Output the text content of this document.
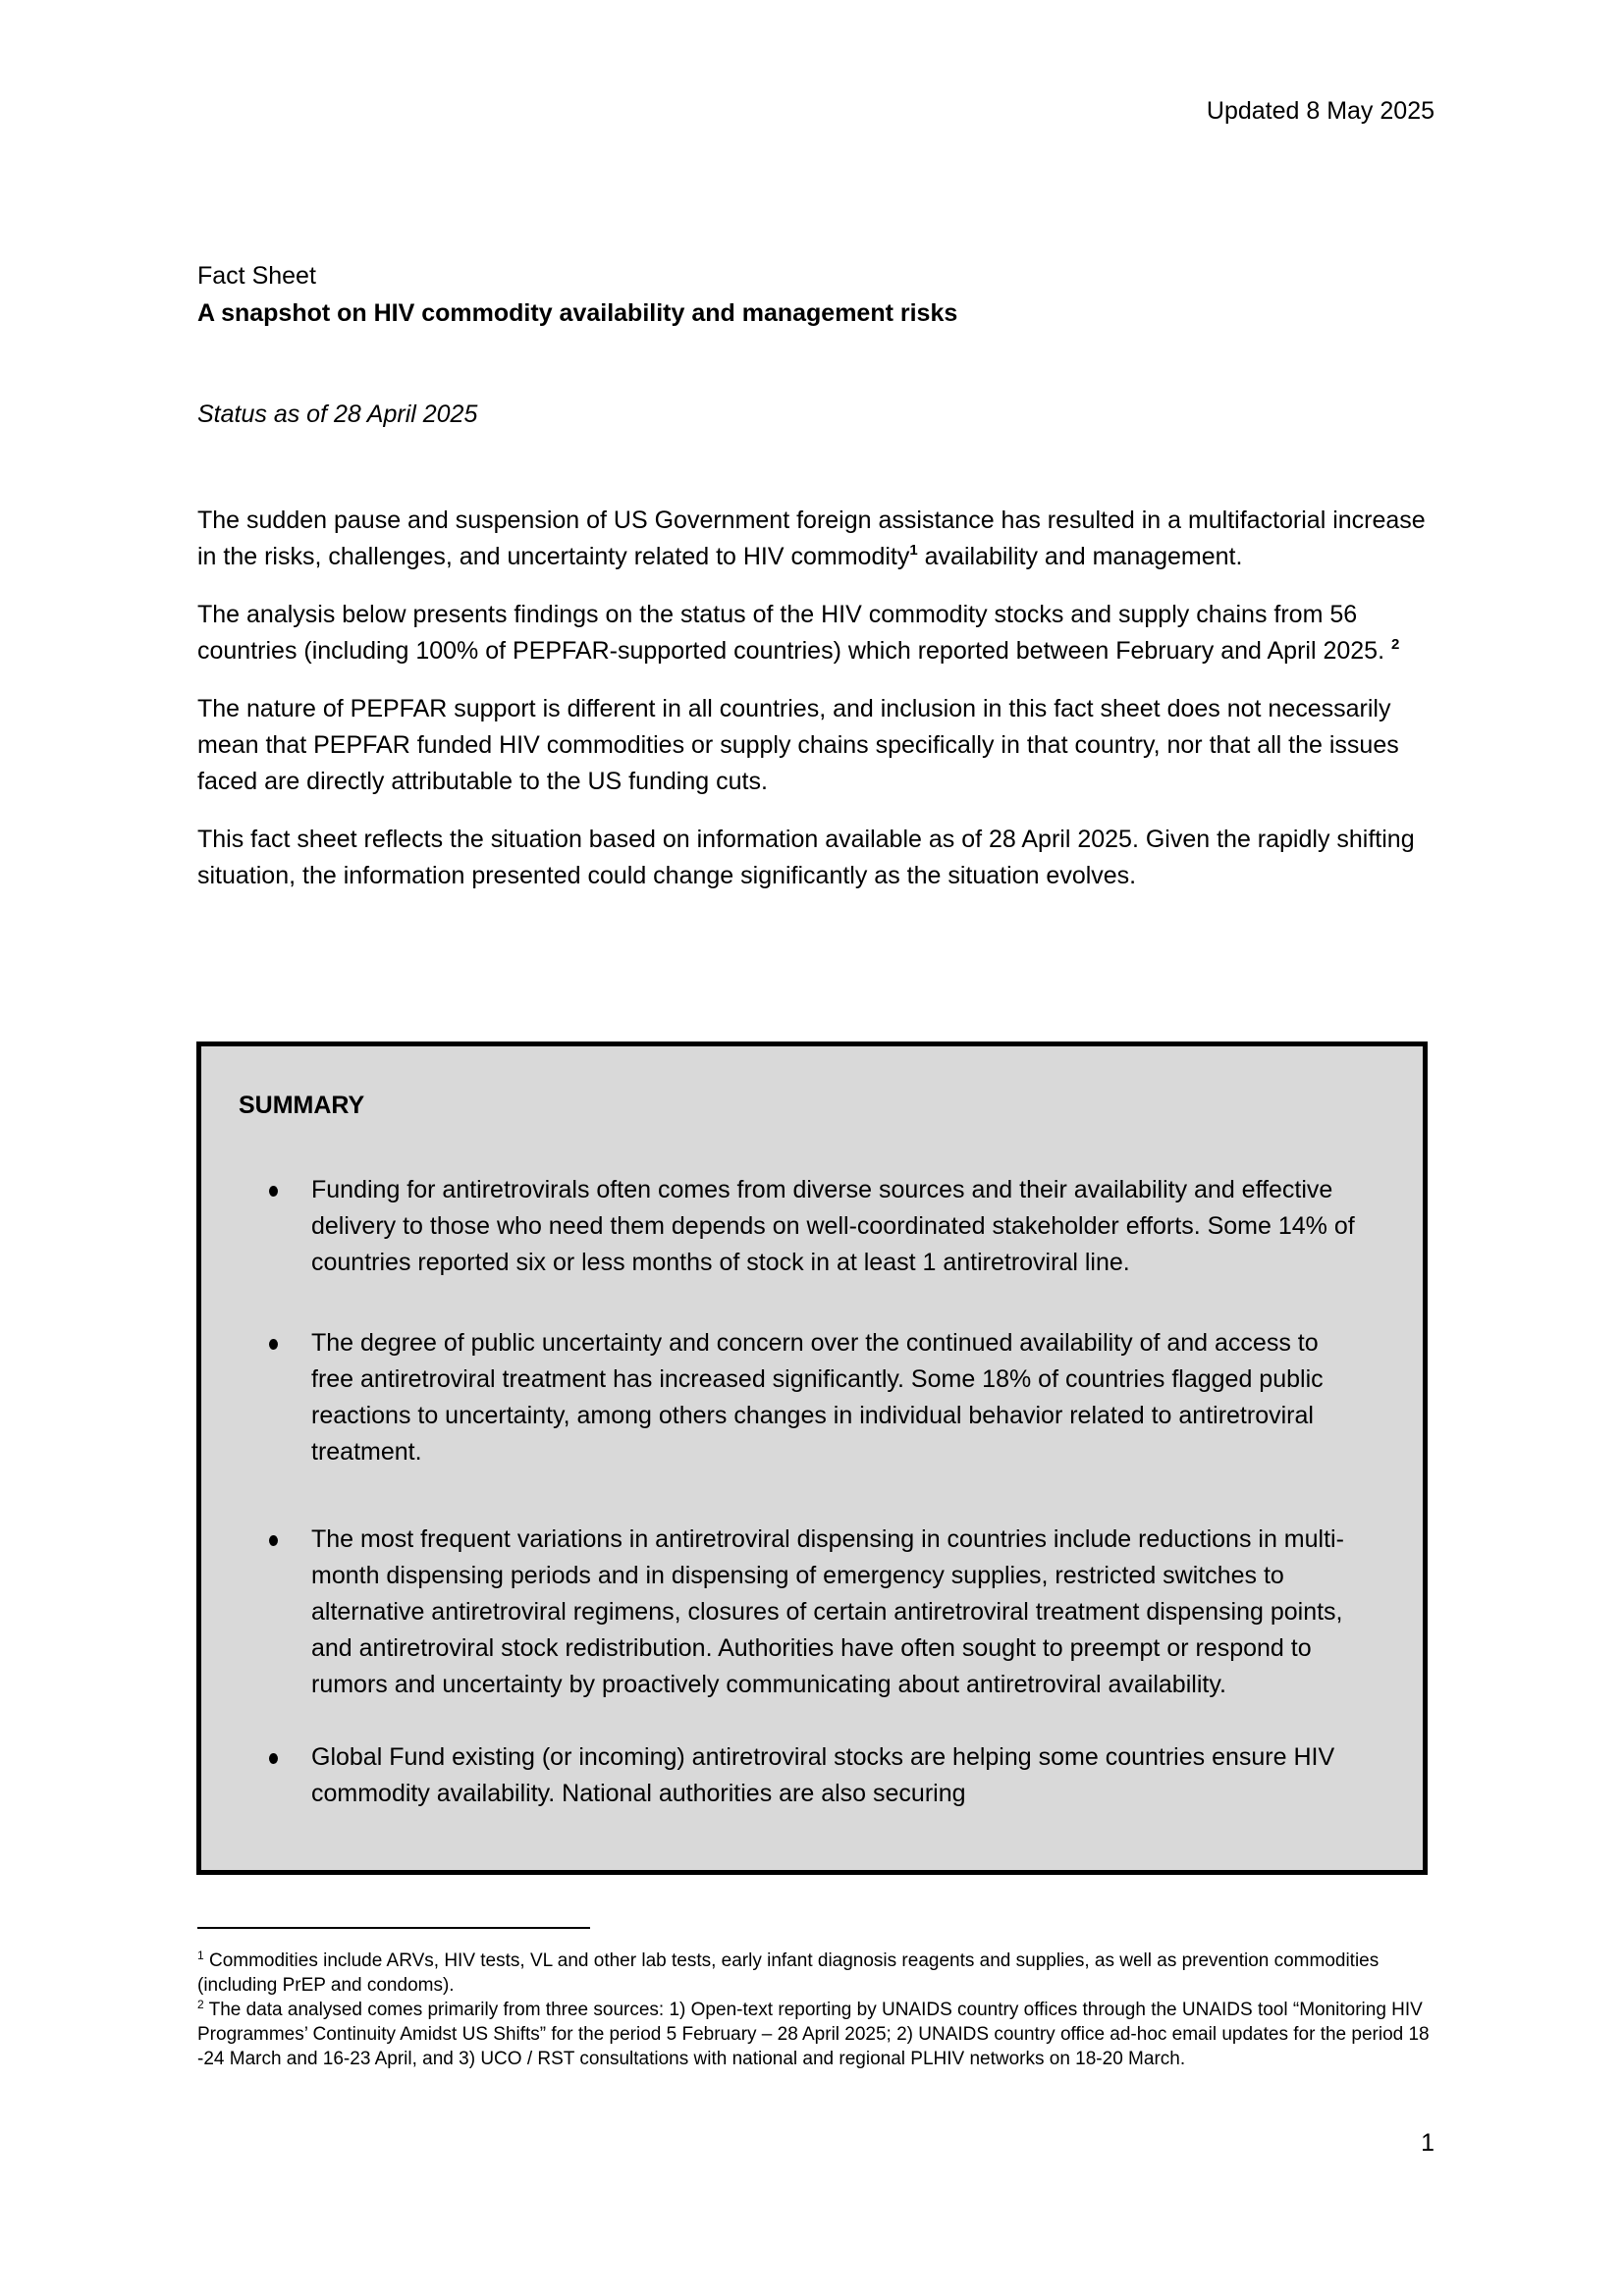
Updated 8 May 2025
Fact Sheet
A snapshot on HIV commodity availability and management risks
Status as of 28 April 2025

The sudden pause and suspension of US Government foreign assistance has resulted in a multifactorial increase in the risks, challenges, and uncertainty related to HIV commodity$^1$ availability and management.

The analysis below presents findings on the status of the HIV commodity stocks and supply chains from 56 countries (including 100% of PEPFAR-supported countries) which reported between February and April 2025. $^2$

The nature of PEPFAR support is different in all countries, and inclusion in this fact sheet does not necessarily mean that PEPFAR funded HIV commodities or supply chains specifically in that country, nor that all the issues faced are directly attributable to the US funding cuts.

This fact sheet reflects the situation based on information available as of 28 April 2025. Given the rapidly shifting situation, the information presented could change significantly as the situation evolves.

SUMMARY
Funding for antiretrovirals often comes from diverse sources and their availability and effective delivery to those who need them depends on well-coordinated stakeholder efforts. Some 14% of countries reported six or less months of stock in at least 1 antiretroviral line.
The degree of public uncertainty and concern over the continued availability of and access to free antiretroviral treatment has increased significantly. Some 18% of countries flagged public reactions to uncertainty, among others changes in individual behavior related to antiretroviral treatment.
The most frequent variations in antiretroviral dispensing in countries include reductions in multi-month dispensing periods and in dispensing of emergency supplies, restricted switches to alternative antiretroviral regimens, closures of certain antiretroviral treatment dispensing points, and antiretroviral stock redistribution. Authorities have often sought to preempt or respond to rumors and uncertainty by proactively communicating about antiretroviral availability.
Global Fund existing (or incoming) antiretroviral stocks are helping some countries ensure HIV commodity availability. National authorities are also securing

$^1$ Commodities include ARVs, HIV tests, VL and other lab tests, early infant diagnosis reagents and supplies, as well as prevention commodities (including PrEP and condoms).

$^2$ The data analysed comes primarily from three sources: 1) Open-text reporting by UNAIDS country offices through the UNAIDS tool “Monitoring HIV Programmes’ Continuity Amidst US Shifts” for the period 5 February – 28 April 2025; 2) UNAIDS country office ad-hoc email updates for the period 18 -24 March and 16-23 April, and 3) UCO / RST consultations with national and regional PLHIV networks on 18-20 March.

1
